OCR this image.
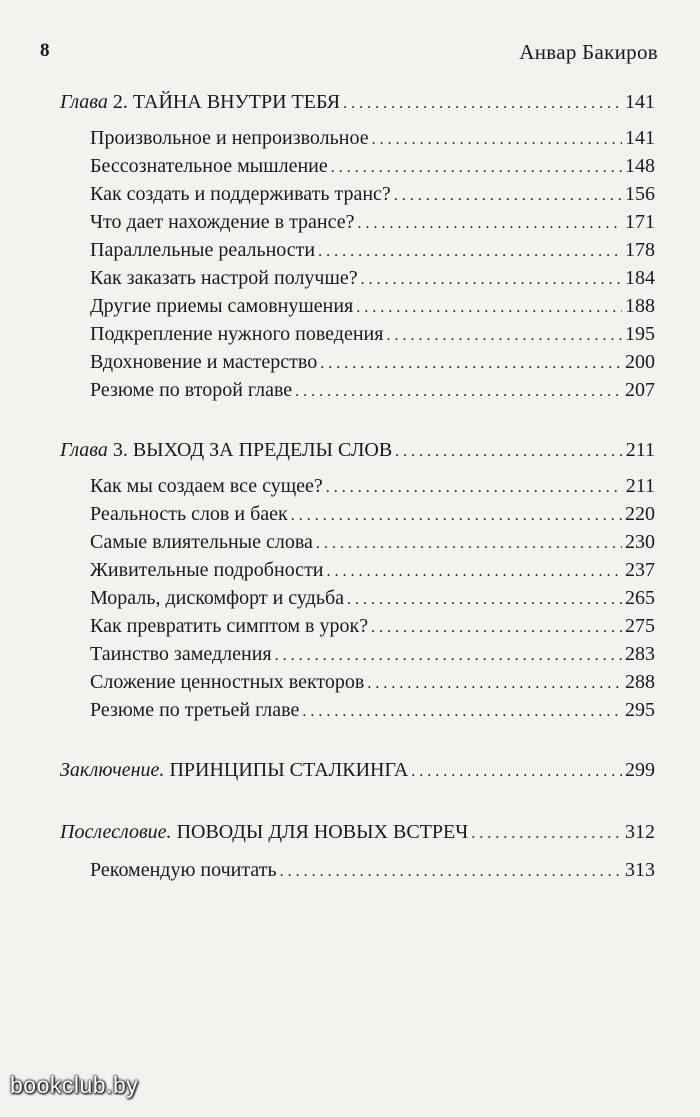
8	Анвар Бакиров
Глава 2. ТАЙНА ВНУТРИ ТЕБЯ . . .	141
Произвольное и непроизвольное . . .	141
Бессознательное мышление . . .	148
Как создать и поддерживать транс? . . .	156
Что дает нахождение в трансе? . . .	171
Параллельные реальности . . .	178
Как заказать настрой получше? . . .	184
Другие приемы самовнушения . . .	188
Подкрепление нужного поведения . . .	195
Вдохновение и мастерство . . .	200
Резюме по второй главе . . .	207
Глава 3. ВЫХОД ЗА ПРЕДЕЛЫ СЛОВ . . .	211
Как мы создаем все сущее? . . .	211
Реальность слов и баек . . .	220
Самые влиятельные слова . . .	230
Живительные подробности . . .	237
Мораль, дискомфорт и судьба . . .	265
Как превратить симптом в урок? . . .	275
Таинство замедления . . .	283
Сложение ценностных векторов . . .	288
Резюме по третьей главе . . .	295
Заключение. ПРИНЦИПЫ СТАЛКИНГА . . .	299
Послесловие. ПОВОДЫ ДЛЯ НОВЫХ ВСТРЕЧ . . .	312
Рекомендую почитать . . .	313
bookclub.by
